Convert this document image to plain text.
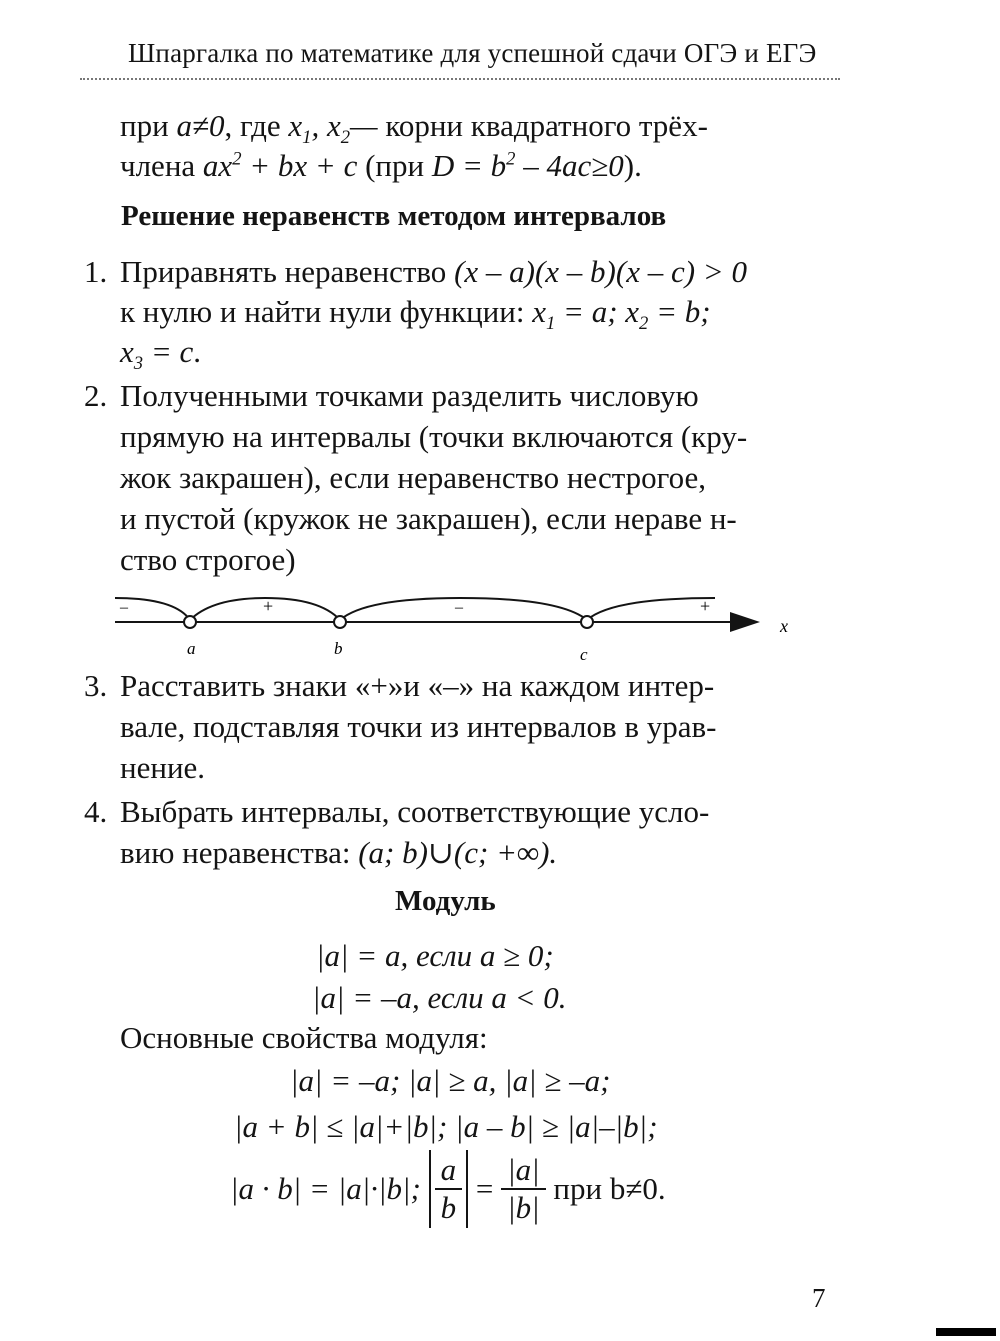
Шпаргалка по математике для успешной сдачи ОГЭ и ЕГЭ
при a≠0, где $x_1$, $x_2—$ корни квадратного трёх-
члена $ax^2$ + bx + c (при $D = b^2 - 4ac\ge 0$).
Решение неравенств методом интервалов
1. Приравнять неравенство (x – a)(x – b)(x – c) > 0
к нулю и найти нули функции: $x_1 = a$; $x_2 = b$;
$x_3 = c$.
2. Полученными точками разделить числовую
прямую на интервалы (точки включаются (кру-
жок закрашен), если неравенство нестрогое,
и пустой (кружок не закрашен), если нераве н-
ство строгое)
–	+	–	+
a	b	c
x
3. Расставить знаки «+»и «–» на каждом интер-
вале, подставляя точки из интервалов в урав-
нение.
4. Выбрать интервалы, соответствующие усло-
вию неравенства: (a; b)∪(c; +∞).
Модуль
|a| = a, если a ≥ 0;
|a| = –a, если a < 0.
Основные свойства модуля:
|a| = –a; |a| ≥ a, |a| ≥ –a;
|a + b| ≤ |a|+|b|; |a – b| ≥ |a|–|b|;
|a · b| = |a|·|b|; $\frac{a}{b} = \frac{|a|}{|b|}$ при b≠0.
7
